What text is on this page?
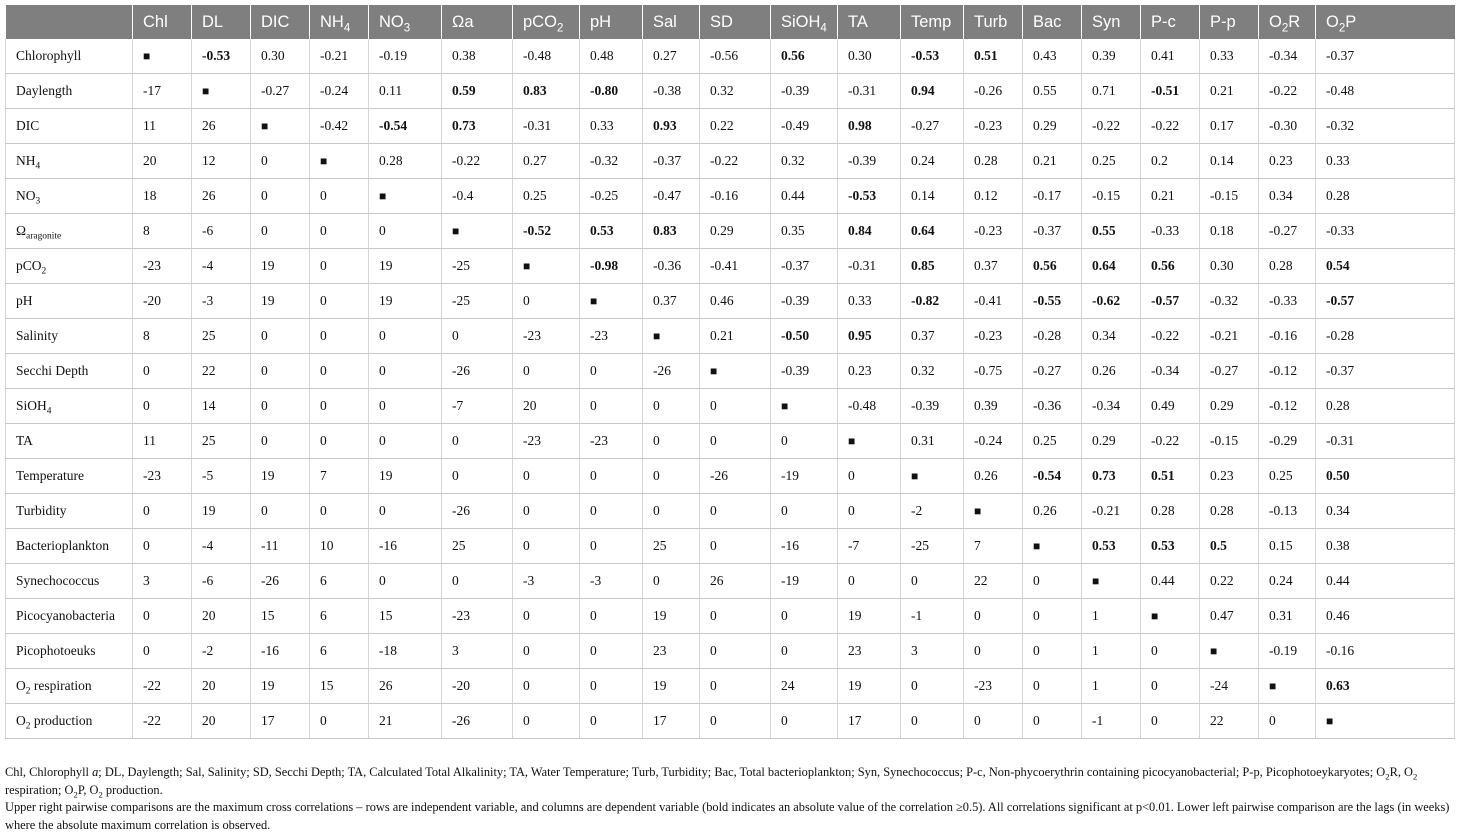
	Chl	DL	DIC	$NH_4$	$NO_3$	Ωa	pCO$_2$	pH	Sal	SD	SiOH$_4$	TA	Temp	Turb	Bac	Syn	P-c	P-p	$O_2R$	$O_2P$
Chlorophyll	■	-0.53	0.30	-0.21	-0.19	0.38	-0.48	0.48	0.27	-0.56	0.56	0.30	-0.53	0.51	0.43	0.39	0.41	0.33	-0.34	-0.37
Daylength	-17	■	-0.27	-0.24	0.11	0.59	0.83	-0.80	-0.38	0.32	-0.39	-0.31	0.94	-0.26	0.55	0.71	-0.51	0.21	-0.22	-0.48
DIC	11	26	■	-0.42	-0.54	0.73	-0.31	0.33	0.93	0.22	-0.49	0.98	-0.27	-0.23	0.29	-0.22	-0.22	0.17	-0.30	-0.32
$NH_4$	20	12	0	■	0.28	-0.22	0.27	-0.32	-0.37	-0.22	0.32	-0.39	0.24	0.28	0.21	0.25	0.2	0.14	0.23	0.33
$NO_3$	18	26	0	0	■	-0.4	0.25	-0.25	-0.47	-0.16	0.44	-0.53	0.14	0.12	-0.17	-0.15	0.21	-0.15	0.34	0.28
$\Omega_{aragonite}$	8	-6	0	0	0	■	-0.52	0.53	0.83	0.29	0.35	0.84	0.64	-0.23	-0.37	0.55	-0.33	0.18	-0.27	-0.33
pCO$_2$	-23	-4	19	0	19	-25	■	-0.98	-0.36	-0.41	-0.37	-0.31	0.85	0.37	0.56	0.64	0.56	0.30	0.28	0.54
pH	-20	-3	19	0	19	-25	0	■	0.37	0.46	-0.39	0.33	-0.82	-0.41	-0.55	-0.62	-0.57	-0.32	-0.33	-0.57
Salinity	8	25	0	0	0	0	-23	-23	■	0.21	-0.50	0.95	0.37	-0.23	-0.28	0.34	-0.22	-0.21	-0.16	-0.28
Secchi Depth	0	22	0	0	0	-26	0	0	-26	■	-0.39	0.23	0.32	-0.75	-0.27	0.26	-0.34	-0.27	-0.12	-0.37
SiOH$_4$	0	14	0	0	0	-7	20	0	0	0	■	-0.48	-0.39	0.39	-0.36	-0.34	0.49	0.29	-0.12	0.28
TA	11	25	0	0	0	0	-23	-23	0	0	0	■	0.31	-0.24	0.25	0.29	-0.22	-0.15	-0.29	-0.31
Temperature	-23	-5	19	7	19	0	0	0	0	-26	-19	0	■	0.26	-0.54	0.73	0.51	0.23	0.25	0.50
Turbidity	0	19	0	0	0	-26	0	0	0	0	0	0	-2	■	0.26	-0.21	0.28	0.28	-0.13	0.34
Bacterioplankton	0	-4	-11	10	-16	25	0	0	25	0	-16	-7	-25	7	■	0.53	0.53	0.5	0.15	0.38
Synechococcus	3	-6	-26	6	0	0	-3	-3	0	26	-19	0	0	22	0	■	0.44	0.22	0.24	0.44
Picocyanobacteria	0	20	15	6	15	-23	0	0	19	0	0	19	-1	0	0	1	■	0.47	0.31	0.46
Picophotoeuks	0	-2	-16	6	-18	3	0	0	23	0	0	23	3	0	0	1	0	■	-0.19	-0.16
$O_2$ respiration	-22	20	19	15	26	-20	0	0	19	0	24	19	0	-23	0	1	0	-24	■	0.63
$O_2$ production	-22	20	17	0	21	-26	0	0	17	0	0	17	0	0	0	-1	0	22	0	■

Chl, Chlorophyll a; DL, Daylength; Sal, Salinity; SD, Secchi Depth; TA, Calculated Total Alkalinity; TA, Water Temperature; Turb, Turbidity; Bac, Total bacterioplankton; Syn, Synechococcus; P-c, Non-phycoerythrin containing picocyanobacterial; P-p, Picophotoeykaryotes; $O_2R$, $O_2$ respiration; $O_2P$, $O_2$ production.

Upper right pairwise comparisons are the maximum cross correlations – rows are independent variable, and columns are dependent variable (bold indicates an absolute value of the correlation ≥0.5). All correlations significant at p<0.01. Lower left pairwise comparison are the lags (in weeks) where the absolute maximum correlation is observed.
